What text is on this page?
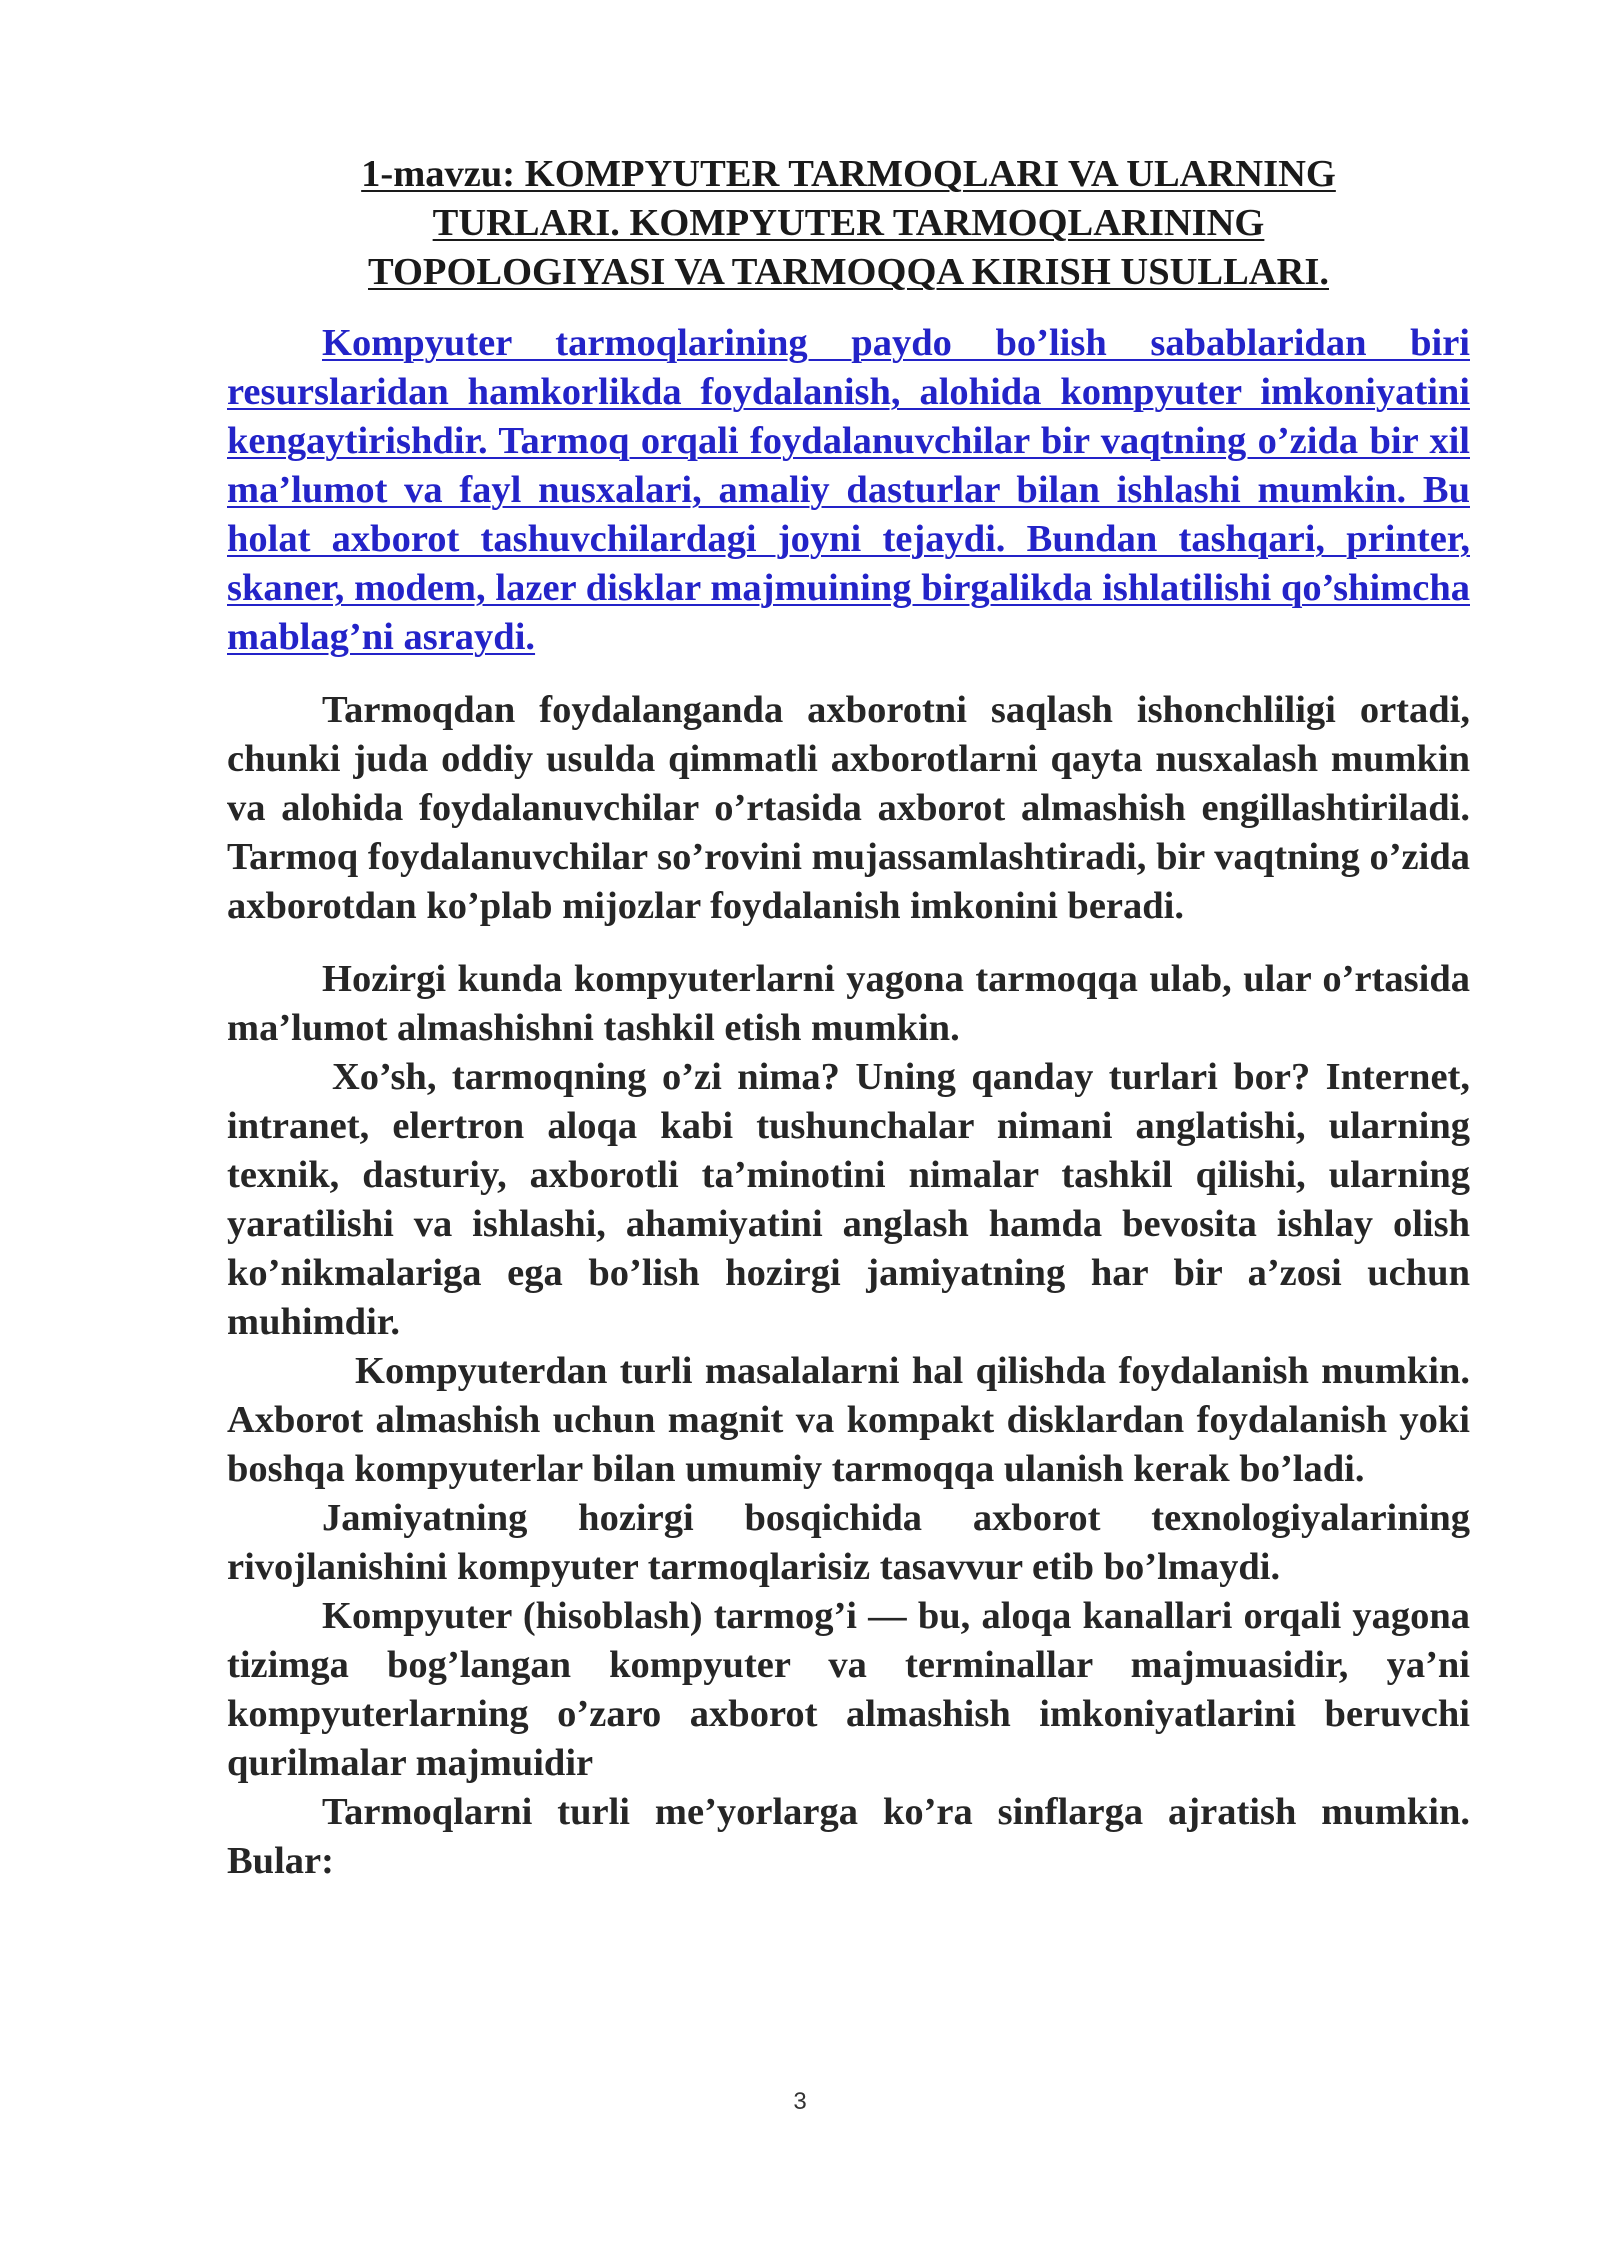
1-mavzu: KOMPYUTER TARMOQLARI VA ULARNING
TURLARI. KOMPYUTER TARMOQLARINING
TOPOLOGIYASI VA TARMOQQA KIRISH USULLARI.

Kompyuter tarmoqlarining paydo bo’lish sabablaridan biri resurslaridan hamkorlikda foydalanish, alohida kompyuter imkoniyatini kengaytirishdir. Tarmoq orqali foydalanuvchilar bir vaqtning o’zida bir xil ma’lumot va fayl nusxalari, amaliy dasturlar bilan ishlashi mumkin. Bu holat axborot tashuvchilardagi joyni tejaydi. Bundan tashqari, printer, skaner, modem, lazer disklar majmuining birgalikda ishlatilishi qo’shimcha mablag’ni asraydi.

Tarmoqdan foydalanganda axborotni saqlash ishonchliligi ortadi, chunki juda oddiy usulda qimmatli axborotlarni qayta nusxalash mumkin va alohida foydalanuvchilar o’rtasida axborot almashish engillashtiriladi. Tarmoq foydalanuvchilar so’rovini mujassamlashtiradi, bir vaqtning o’zida axborotdan ko’plab mijozlar foydalanish imkonini beradi.

Hozirgi kunda kompyuterlarni yagona tarmoqqa ulab, ular o’rtasida ma’lumot almashishni tashkil etish mumkin.

Xo’sh, tarmoqning o’zi nima? Uning qanday turlari bor? Internet, intranet, elertron aloqa kabi tushunchalar nimani anglatishi, ularning texnik, dasturiy, axborotli ta’minotini nimalar tashkil qilishi, ularning yaratilishi va ishlashi, ahamiyatini anglash hamda bevosita ishlay olish ko’nikmalariga ega bo’lish hozirgi jamiyatning har bir a’zosi uchun muhimdir.

Kompyuterdan turli masalalarni hal qilishda foydalanish mumkin. Axborot almashish uchun magnit va kompakt disklardan foydalanish yoki boshqa kompyuterlar bilan umumiy tarmoqqa ulanish kerak bo’ladi.

Jamiyatning hozirgi bosqichida axborot texnologiyalarining rivojlanishini kompyuter tarmoqlarisiz tasavvur etib bo’lmaydi.

Kompyuter (hisoblash) tarmog’i — bu, aloqa kanallari orqali yagona tizimga bog’langan kompyuter va terminallar majmuasidir, ya’ni kompyuterlarning o’zaro axborot almashish imkoniyatlarini beruvchi qurilmalar majmuidir

Tarmoqlarni turli me’yorlarga ko’ra sinflarga ajratish mumkin. Bular:

3
